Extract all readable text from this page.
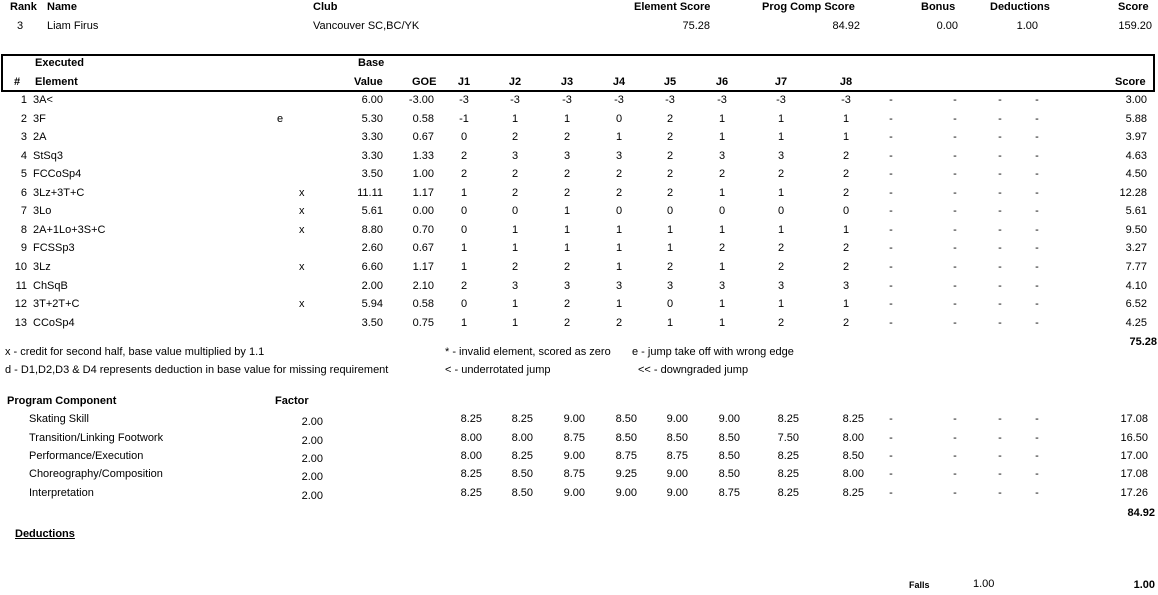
Rank Name	Club	Element Score	Prog Comp Score	Bonus	Deductions	Score
3 Liam Firus	Vancouver SC,BC/YK	75.28	84.92	0.00	1.00	159.20
Executed	Base
# Element	Value	GOE	J1	J2	J3	J4	J5	J6	J7	J8	Score
1 3A<	6.00	-3.00	-3	-3	-3	-3	-3	-3	-3	-3	-	-	-	-	3.00
2 3F	e	5.30	0.58	-1	1	1	0	2	1	1	1	-	-	-	-	5.88
3 2A	3.30	0.67	0	2	2	1	2	1	1	1	-	-	-	-	3.97
4 StSq3	3.30	1.33	2	3	3	3	2	3	3	2	-	-	-	-	4.63
5 FCCoSp4	3.50	1.00	2	2	2	2	2	2	2	2	-	-	-	-	4.50
6 3Lz+3T+C	x	11.11	1.17	1	2	2	2	2	1	1	2	-	-	-	-	12.28
7 3Lo	x	5.61	0.00	0	0	1	0	0	0	0	0	-	-	-	-	5.61
8 2A+1Lo+3S+C	x	8.80	0.70	0	1	1	1	1	1	1	1	-	-	-	-	9.50
9 FCSSp3	2.60	0.67	1	1	1	1	1	2	2	2	-	-	-	-	3.27
10 3Lz	x	6.60	1.17	1	2	2	1	2	1	2	2	-	-	-	-	7.77
11 ChSqB	2.00	2.10	2	3	3	3	3	3	3	3	-	-	-	-	4.10
12 3T+2T+C	x	5.94	0.58	0	1	2	1	0	1	1	1	-	-	-	-	6.52
13 CCoSp4	3.50	0.75	1	1	2	2	1	1	2	2	-	-	-	-	4.25
75.28
x - credit for second half, base value multiplied by 1.1	* - invalid element, scored as zero e - jump take off with wrong edge
d - D1,D2,D3 & D4 represents deduction in base value for missing requirement	< - underrotated jump	<< - downgraded jump
Program Component	Factor
Skating Skill	2.00	8.25	8.25	9.00	8.50	9.00	9.00	8.25	8.25	-	-	-	-	17.08
Transition/Linking Footwork	2.00	8.00	8.00	8.75	8.50	8.50	8.50	7.50	8.00	-	-	-	-	16.50
Performance/Execution	2.00	8.00	8.25	9.00	8.75	8.75	8.50	8.25	8.50	-	-	-	-	17.00
Choreography/Composition	2.00	8.25	8.50	8.75	9.25	9.00	8.50	8.25	8.00	-	-	-	-	17.08
Interpretation	2.00	8.25	8.50	9.00	9.00	9.00	8.75	8.25	8.25	-	-	-	-	17.26
84.92
Deductions
Falls	1.00	1.00
